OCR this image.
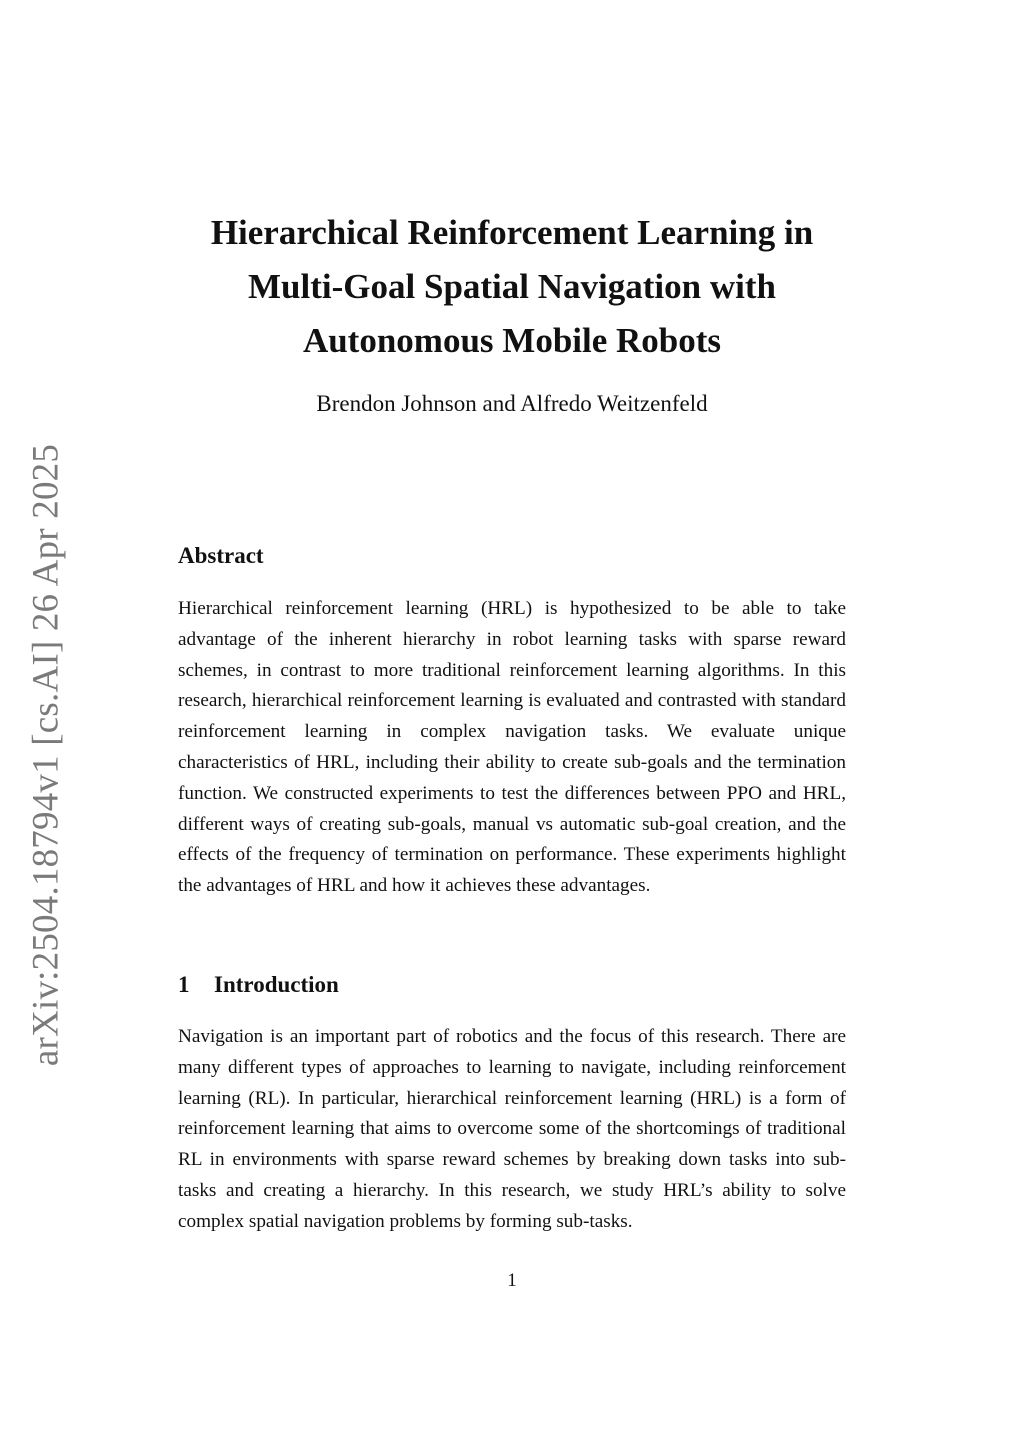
arXiv:2504.18794v1 [cs.AI] 26 Apr 2025
Hierarchical Reinforcement Learning in
Multi-Goal Spatial Navigation with
Autonomous Mobile Robots
Brendon Johnson and Alfredo Weitzenfeld
Abstract

Hierarchical reinforcement learning (HRL) is hypothesized to be able to take advantage of the inherent hierarchy in robot learning tasks with sparse reward schemes, in contrast to more traditional reinforcement learning algorithms. In this research, hierarchical reinforcement learning is evaluated and contrasted with standard reinforcement learning in complex navigation tasks. We evaluate unique characteristics of HRL, including their ability to create sub-goals and the termination function. We constructed experiments to test the differences between PPO and HRL, different ways of creating sub-goals, manual vs automatic sub-goal creation, and the effects of the frequency of termination on performance. These experiments highlight the advantages of HRL and how it achieves these advantages.

1 Introduction

Navigation is an important part of robotics and the focus of this research. There are many different types of approaches to learning to navigate, including reinforcement learning (RL). In particular, hierarchical reinforcement learning (HRL) is a form of reinforcement learning that aims to overcome some of the shortcomings of traditional RL in environments with sparse reward schemes by breaking down tasks into sub-tasks and creating a hierarchy. In this research, we study HRL’s ability to solve complex spatial navigation problems by forming sub-tasks.

1
